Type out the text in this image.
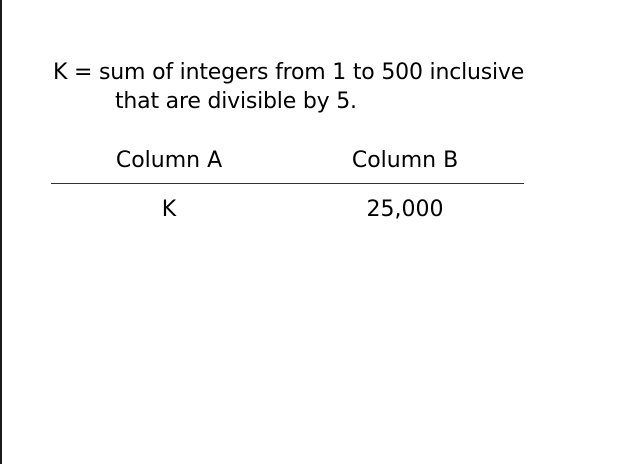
K = sum of integers from 1 to 500 inclusive
that are divisible by 5.
Column A	Column B
K	25,000
